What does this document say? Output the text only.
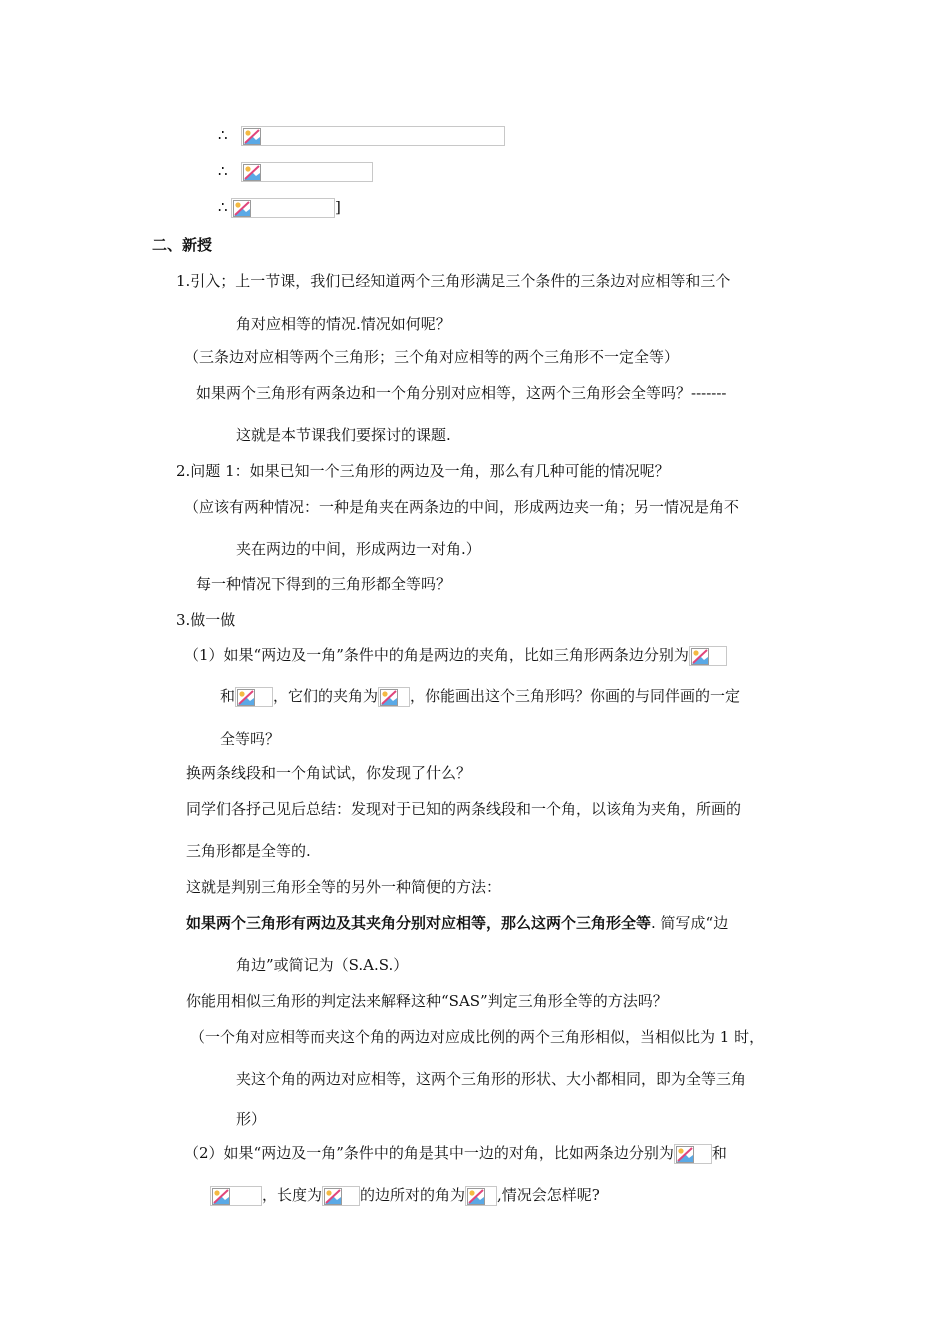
∴
∴
∴	]
二、新授
1.引入；上一节课，我们已经知道两个三角形满足三个条件的三条边对应相等和三个
角对应相等的情况.情况如何呢？
（三条边对应相等两个三角形；三个角对应相等的两个三角形不一定全等）
如果两个三角形有两条边和一个角分别对应相等，这两个三角形会全等吗？-------
这就是本节课我们要探讨的课题.
2.问题 1：如果已知一个三角形的两边及一角，那么有几种可能的情况呢？
（应该有两种情况：一种是角夹在两条边的中间，形成两边夹一角；另一情况是角不
夹在两边的中间，形成两边一对角.）
每一种情况下得到的三角形都全等吗？
3.做一做
（1）如果“两边及一角”条件中的角是两边的夹角，比如三角形两条边分别为
和	，它们的夹角为 ，你能画出这个三角形吗？你画的与同伴画的一定
全等吗？
换两条线段和一个角试试，你发现了什么？
同学们各抒己见后总结：发现对于已知的两条线段和一个角，以该角为夹角，所画的
三角形都是全等的.
这就是判别三角形全等的另外一种简便的方法：
如果两个三角形有两边及其夹角分别对应相等，那么这两个三角形全等. 简写成“边
角边”或简记为（S.A.S.）
你能用相似三角形的判定法来解释这种“SAS”判定三角形全等的方法吗？
（一个角对应相等而夹这个角的两边对应成比例的两个三角形相似，当相似比为 1 时，
夹这个角的两边对应相等，这两个三角形的形状、大小都相同，即为全等三角
形）
（2）如果“两边及一角”条件中的角是其中一边的对角，比如两条边分别为	和
，长度为	的边所对的角为 ,情况会怎样呢?
